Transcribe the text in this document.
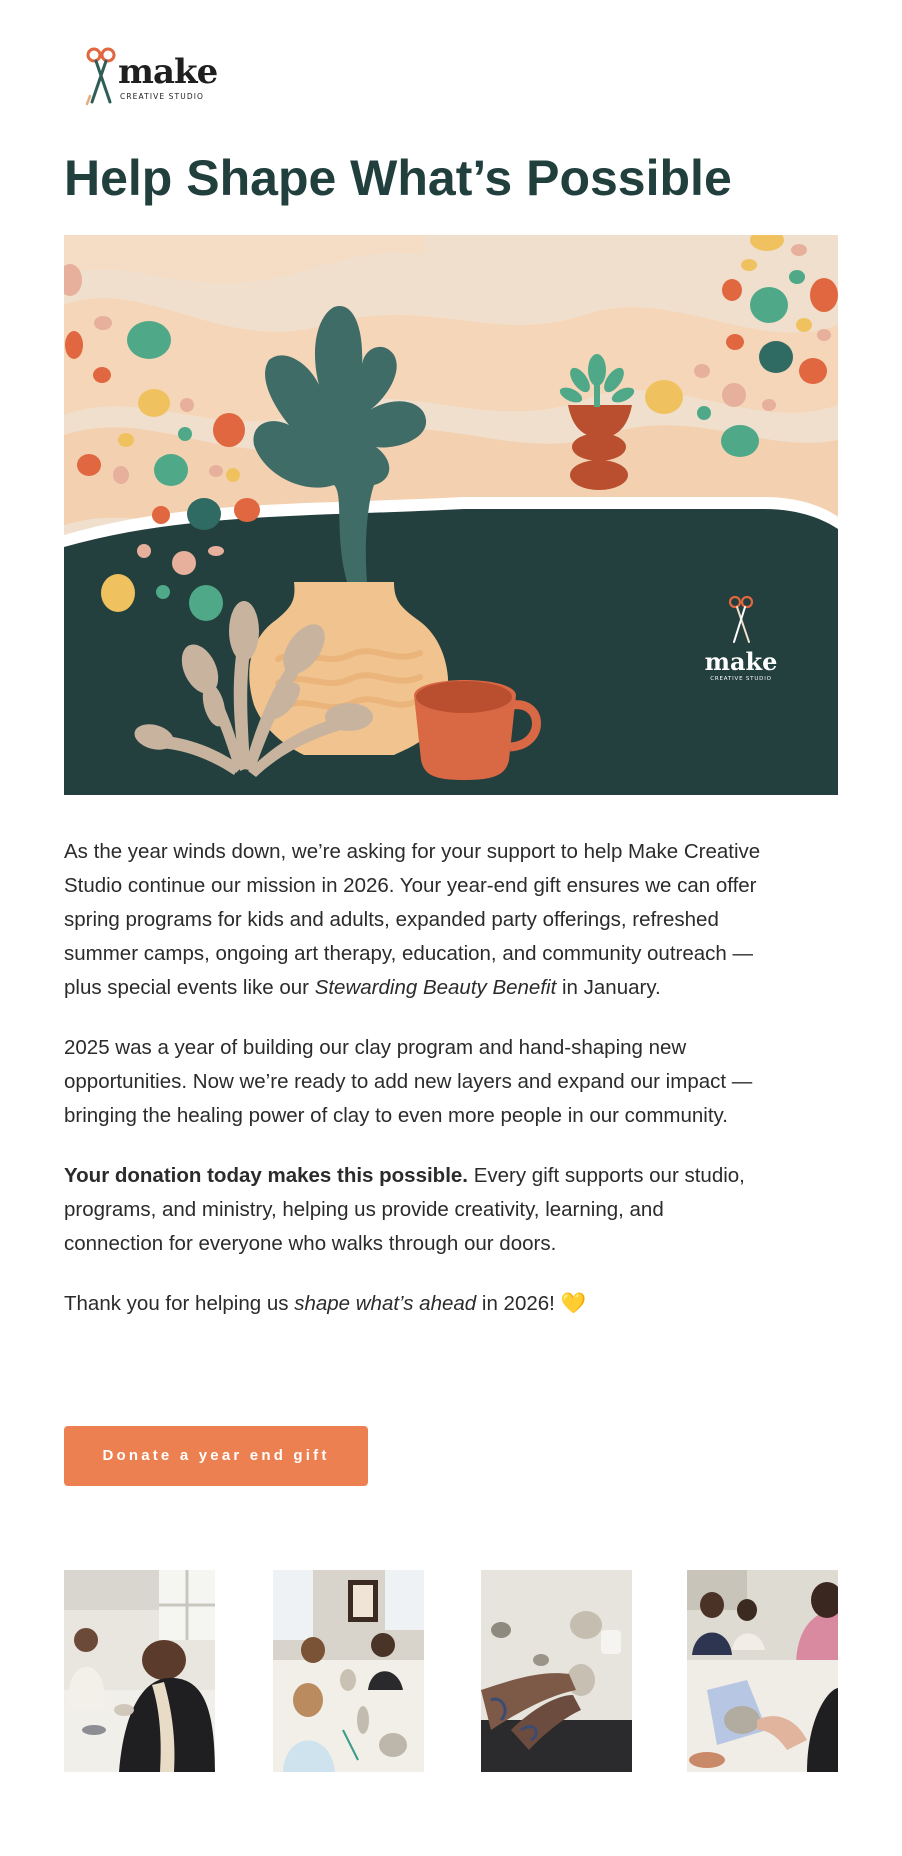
make
CREATIVE STUDIO
Help Shape What’s Possible
make
CREATIVE STUDIO

As the year winds down, we’re asking for your support to help Make Creative Studio continue our mission in 2026. Your year-end gift ensures we can offer spring programs for kids and adults, expanded party offerings, refreshed summer camps, ongoing art therapy, education, and community outreach — plus special events like our Stewarding Beauty Benefit in January.

2025 was a year of building our clay program and hand-shaping new opportunities. Now we’re ready to add new layers and expand our impact — bringing the healing power of clay to even more people in our community.

Your donation today makes this possible. Every gift supports our studio, programs, and ministry, helping us provide creativity, learning, and connection for everyone who walks through our doors.

Thank you for helping us shape what’s ahead in 2026! 💛

Donate a year end gift
